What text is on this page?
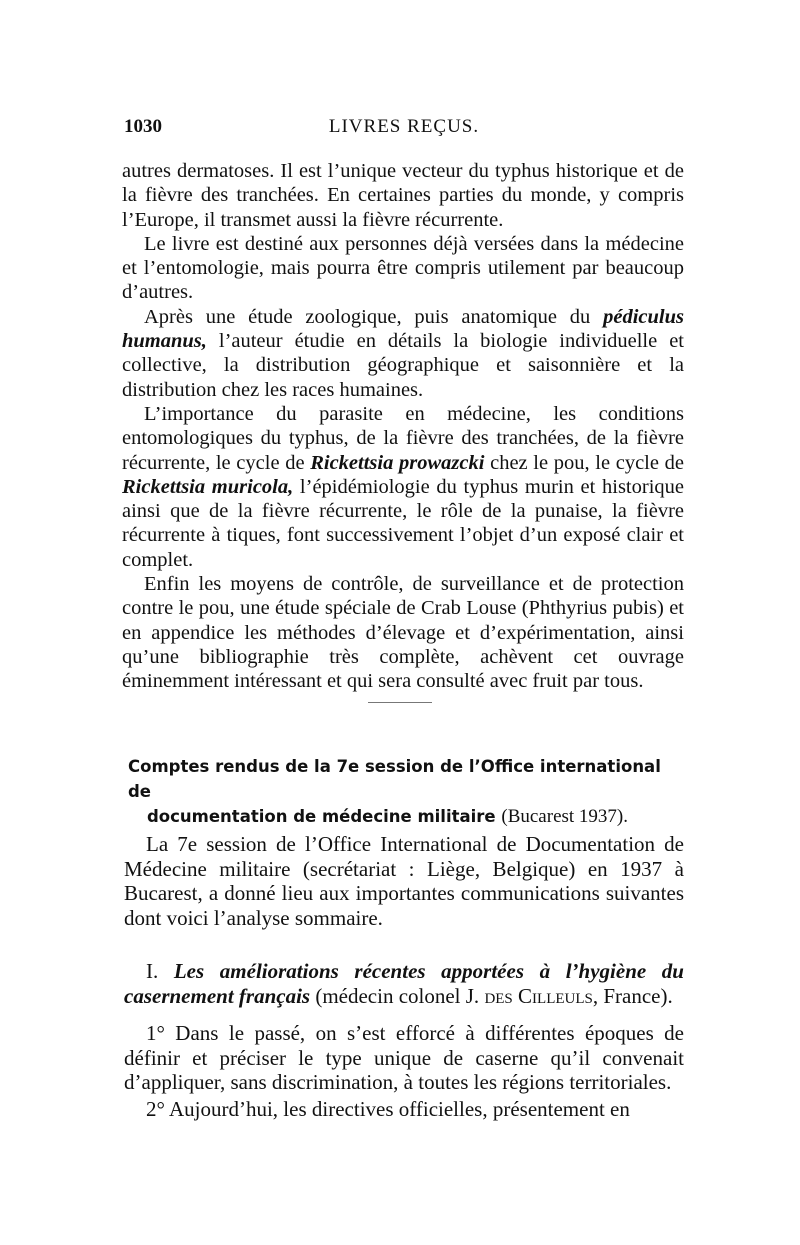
1030	LIVRES REÇUS.

autres dermatoses. Il est l’unique vecteur du typhus historique et de la fièvre des tranchées. En certaines parties du monde, y compris l’Europe, il transmet aussi la fièvre récurrente.

Le livre est destiné aux personnes déjà versées dans la médecine et l’entomologie, mais pourra être compris utilement par beaucoup d’autres.

Après une étude zoologique, puis anatomique du pédiculus humanus, l’auteur étudie en détails la biologie individuelle et collective, la distribution géographique et saisonnière et la distribution chez les races humaines.

L’importance du parasite en médecine, les conditions entomologiques du typhus, de la fièvre des tranchées, de la fièvre récurrente, le cycle de Rickettsia prowazcki chez le pou, le cycle de Rickettsia muricola, l’épidémiologie du typhus murin et historique ainsi que de la fièvre récurrente, le rôle de la punaise, la fièvre récurrente à tiques, font successivement l’objet d’un exposé clair et complet.

Enfin les moyens de contrôle, de surveillance et de protection contre le pou, une étude spéciale de Crab Louse (Phthyrius pubis) et en appendice les méthodes d’élevage et d’expérimentation, ainsi qu’une bibliographie très complète, achèvent cet ouvrage éminemment intéressant et qui sera consulté avec fruit par tous.

Comptes rendus de la 7e session de l’Office international de
documentation de médecine militaire (Bucarest 1937).

La 7e session de l’Office International de Documentation de Médecine militaire (secrétariat : Liège, Belgique) en 1937 à Bucarest, a donné lieu aux importantes communications suivantes dont voici l’analyse sommaire.

I. Les améliorations récentes apportées à l’hygiène du casernement français (médecin colonel J. des Cilleuls, France).

1° Dans le passé, on s’est efforcé à différentes époques de définir et préciser le type unique de caserne qu’il convenait d’appliquer, sans discrimination, à toutes les régions territoriales.

2° Aujourd’hui, les directives officielles, présentement en
